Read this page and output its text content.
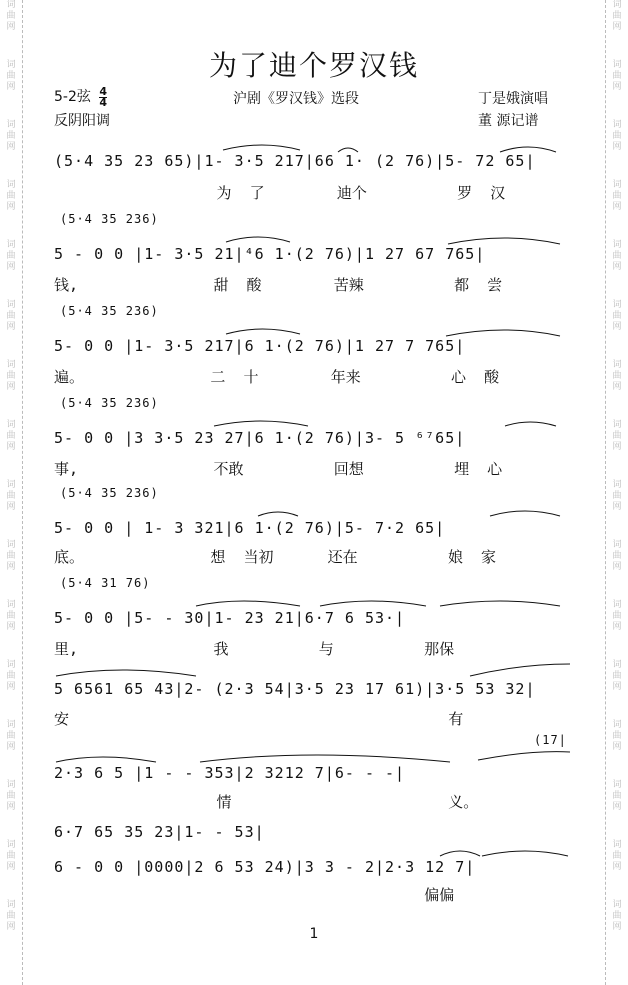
词
曲
网
词
曲
网
词
曲
网
词
曲
网
词
曲
网
词
曲
网
词
曲
网
词
曲
网
词
曲
网
词
曲
网
词
曲
网
词
曲
网
词
曲
网
词
曲
网
词
曲
网
词
曲
网
词
曲
网
词
曲
网
词
曲
网
词
曲
网
词
曲
网
词
曲
网
词
曲
网
词
曲
网
词
曲
网
词
曲
网
词
曲
网
词
曲
网
词
曲
网
词
曲
网
词
曲
网
词
曲
网
为了迪个罗汉钱
5-2弦 $\frac{4}{4}$
反阴阳调
沪剧《罗汉钱》选段	丁是娥演唱
董 源记谱
(5·4 35 23 65)|1- 3·5 217|66 1· (2 76)|5- 72 65|
为  了        迪个          罗  汉
(5·4 35 236)
5 - 0 0 |1- 3·5 21|⁴6 1·(2 76)|1 27 67 765|
钱,               甜  酸        苦辣          都  尝
(5·4 35 236)
5- 0 0 |1- 3·5 217|6 1·(2 76)|1 27 7 765|
遍。              二  十        年来          心  酸
(5·4 35 236)
5- 0 0 |3 3·5 23 27|6 1·(2 76)|3- 5 ⁶⁷65|
事,               不敢          回想          埋  心
(5·4 35 236)
5- 0 0 | 1- 3 321|6 1·(2 76)|5- 7·2 65|
底。              想  当初      还在          娘  家
(5·4 31 76)
5- 0 0 |5- - 30|1- 23 21|6·7 6 53·|
里,               我          与          那保
5 6561 65 43|2- (2·3 54|3·5 23 17 61)|3·5 53 32|
安                                          有
(17|
2·3 6 5 |1 - - 353|2 3212 7|6- - -|
情                        义。
6·7 65 35 23|1- - 53|
6 - 0 0 |0000|2 6 53 24)|3 3 - 2|2·3 12 7|
偏偏
1
